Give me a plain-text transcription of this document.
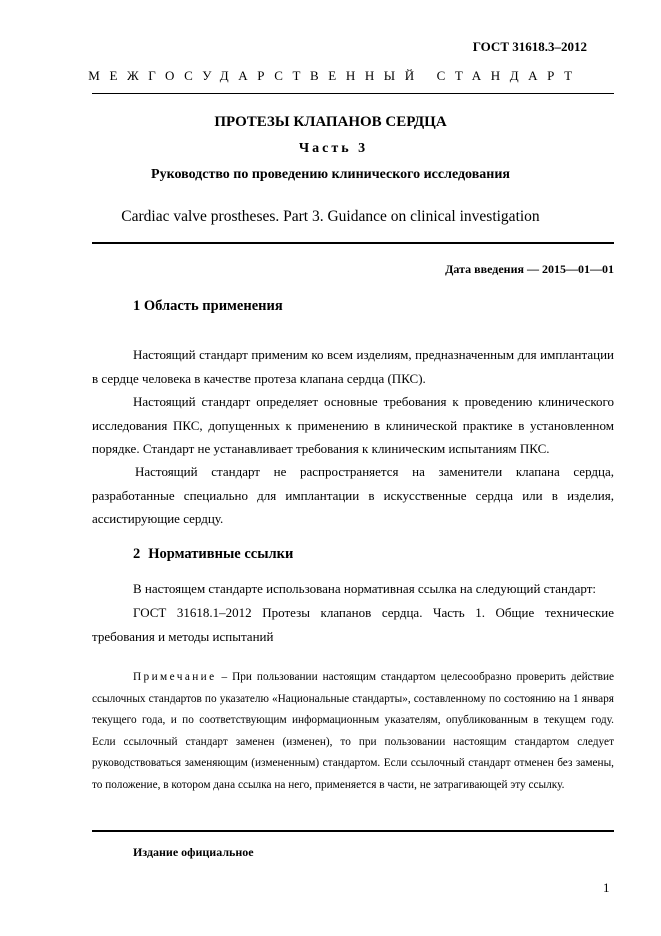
ГОСТ 31618.3–2012
МЕЖГОСУДАРСТВЕННЫЙ СТАНДАРТ
ПРОТЕЗЫ КЛАПАНОВ СЕРДЦА
Часть 3
Руководство по проведению клинического исследования
Cardiac valve prostheses. Part 3. Guidance on clinical investigation
Дата введения — 2015—01—01
1 Область применения
Настоящий стандарт применим ко всем изделиям, предназначенным для имплантации в сердце человека в качестве протеза клапана сердца (ПКС).
Настоящий стандарт определяет основные требования к проведению клинического исследования ПКС, допущенных к применению в клинической практике в установленном порядке. Стандарт не устанавливает требования к клиническим испытаниям ПКС.
Настоящий стандарт не распространяется на заменители клапана сердца, разработанные специально для имплантации в искусственные сердца или в изделия, ассистирующие сердцу.
2 Нормативные ссылки
В настоящем стандарте использована нормативная ссылка на следующий стандарт:
ГОСТ 31618.1–2012 Протезы клапанов сердца. Часть 1. Общие технические требования и методы испытаний
Примечание – При пользовании настоящим стандартом целесообразно проверить действие ссылочных стандартов по указателю «Национальные стандарты», составленному по состоянию на 1 января текущего года, и по соответствующим информационным указателям, опубликованным в текущем году. Если ссылочный стандарт заменен (изменен), то при пользовании настоящим стандартом следует руководствоваться заменяющим (измененным) стандартом. Если ссылочный стандарт отменен без замены, то положение, в котором дана ссылка на него, применяется в части, не затрагивающей эту ссылку.
Издание официальное
1
